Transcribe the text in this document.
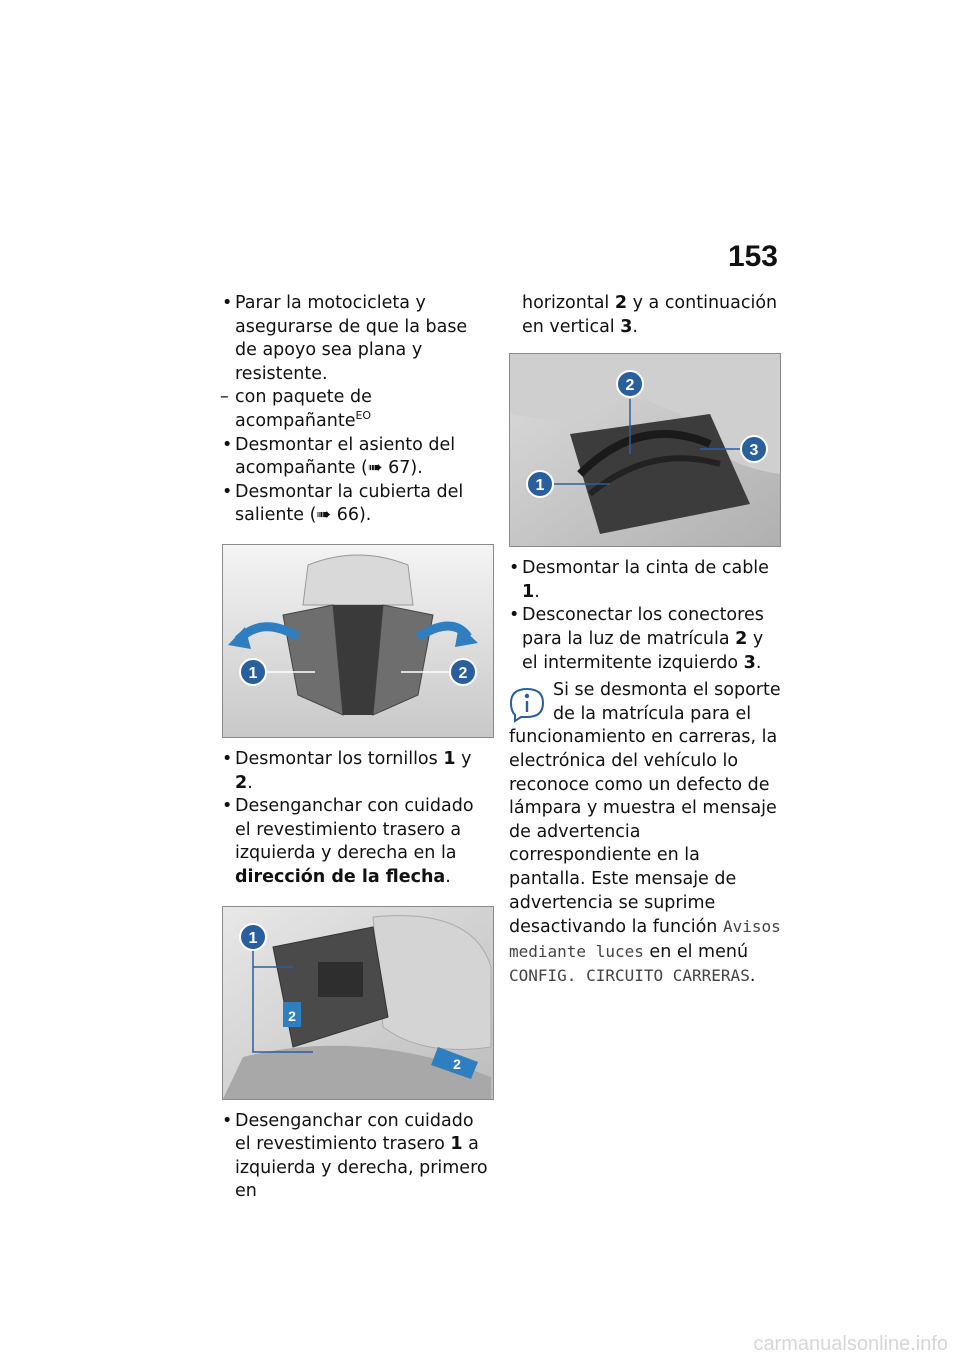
153

• Parar la motocicleta y asegurarse de que la base de apoyo sea plana y resistente.

– con paquete de acompañante$^{EO}$

• Desmontar el asiento del acompañante (➠ 67).

• Desmontar la cubierta del saliente (➠ 66).

1	2

• Desmontar los tornillos 1 y 2.

• Desenganchar con cuidado el revestimiento trasero a izquierda y derecha en la dirección de la flecha.

1
2
2

• Desenganchar con cuidado el revestimiento trasero 1 a izquierda y derecha, primero en

horizontal 2 y a continuación en vertical 3.

2
1
3

• Desmontar la cinta de cable 1.

• Desconectar los conectores para la luz de matrícula 2 y el intermitente izquierdo 3.

Si se desmonta el soporte de la matrícula para el

funcionamiento en carreras, la electrónica del vehículo lo reconoce como un defecto de lámpara y muestra el mensaje de advertencia correspondiente en la pantalla. Este mensaje de advertencia se suprime desactivando la función Avisos mediante luces en el menú CONFIG. CIRCUITO CARRERAS.

carmanualsonline.info
